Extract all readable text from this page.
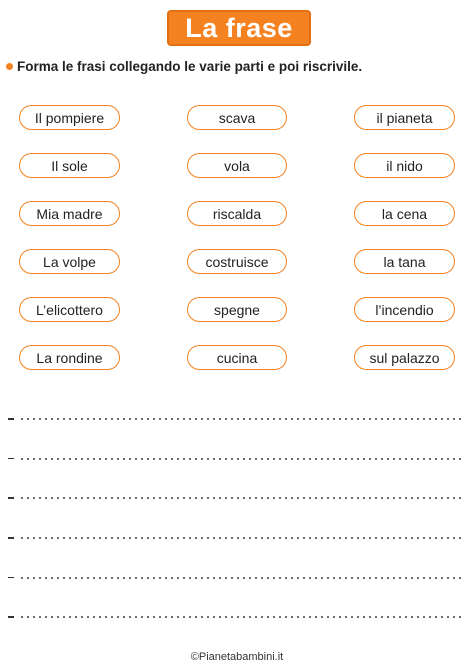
La frase
Forma le frasi collegando le varie parti e poi riscrivile.
Il pompiere	scava	il pianeta
Il sole	vola	il nido
Mia madre	riscalda	la cena
La volpe	costruisce	la tana
L’elicottero	spegne	l’incendio
La rondine	cucina	sul palazzo
©Pianetabambini.it
